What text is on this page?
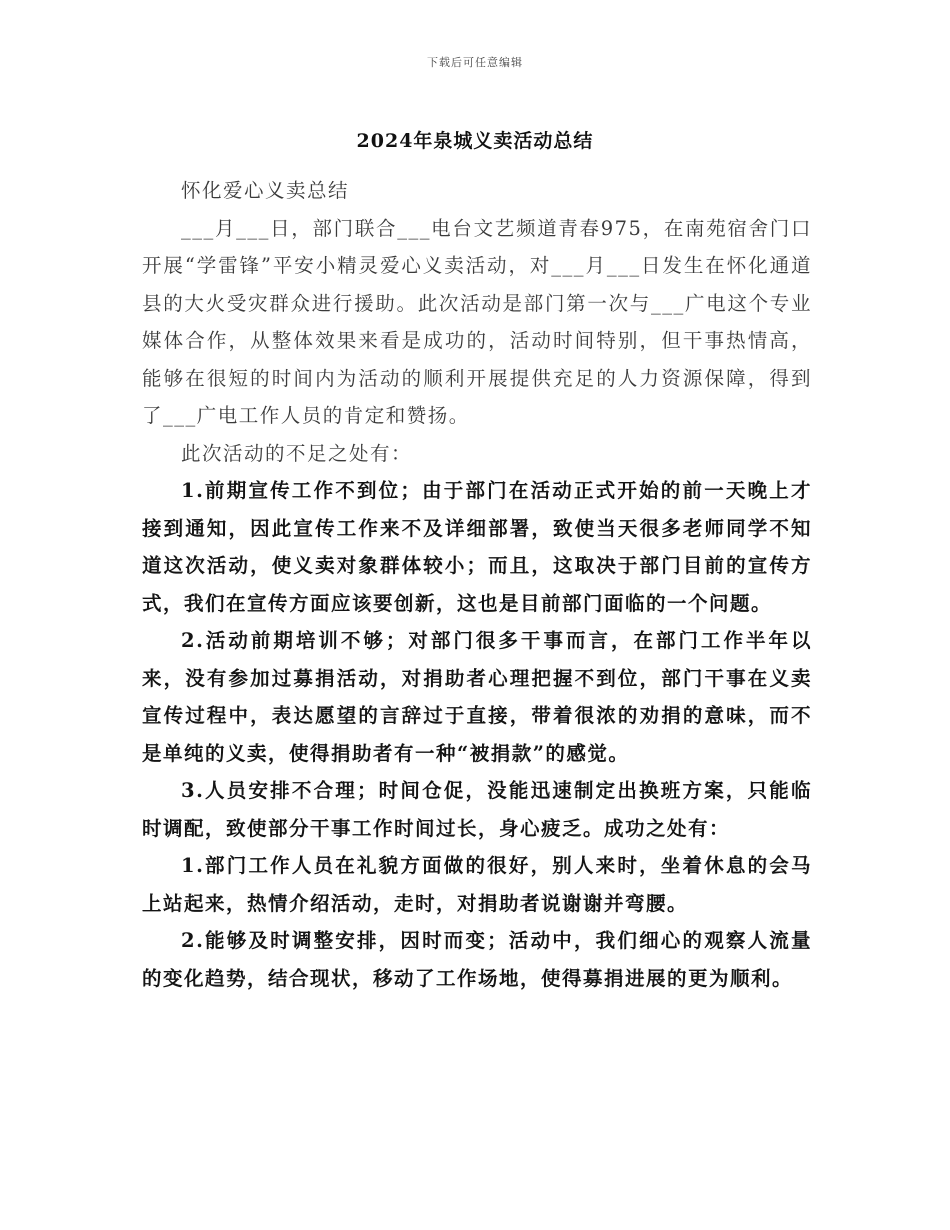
下载后可任意编辑
2024年泉城义卖活动总结

怀化爱心义卖总结

___月___日，部门联合___电台文艺频道青春975，在南苑宿舍门口开展“学雷锋”平安小精灵爱心义卖活动，对___月___日发生在怀化通道县的大火受灾群众进行援助。此次活动是部门第一次与___广电这个专业媒体合作，从整体效果来看是成功的，活动时间特别，但干事热情高，能够在很短的时间内为活动的顺利开展提供充足的人力资源保障，得到了___广电工作人员的肯定和赞扬。

此次活动的不足之处有：

1.前期宣传工作不到位；由于部门在活动正式开始的前一天晚上才接到通知，因此宣传工作来不及详细部署，致使当天很多老师同学不知道这次活动，使义卖对象群体较小；而且，这取决于部门目前的宣传方式，我们在宣传方面应该要创新，这也是目前部门面临的一个问题。

2.活动前期培训不够；对部门很多干事而言，在部门工作半年以来，没有参加过募捐活动，对捐助者心理把握不到位，部门干事在义卖宣传过程中，表达愿望的言辞过于直接，带着很浓的劝捐的意味，而不是单纯的义卖，使得捐助者有一种“被捐款”的感觉。

3.人员安排不合理；时间仓促，没能迅速制定出换班方案，只能临时调配，致使部分干事工作时间过长，身心疲乏。成功之处有：

1.部门工作人员在礼貌方面做的很好，别人来时，坐着休息的会马上站起来，热情介绍活动，走时，对捐助者说谢谢并弯腰。

2.能够及时调整安排，因时而变；活动中，我们细心的观察人流量的变化趋势，结合现状，移动了工作场地，使得募捐进展的更为顺利。
